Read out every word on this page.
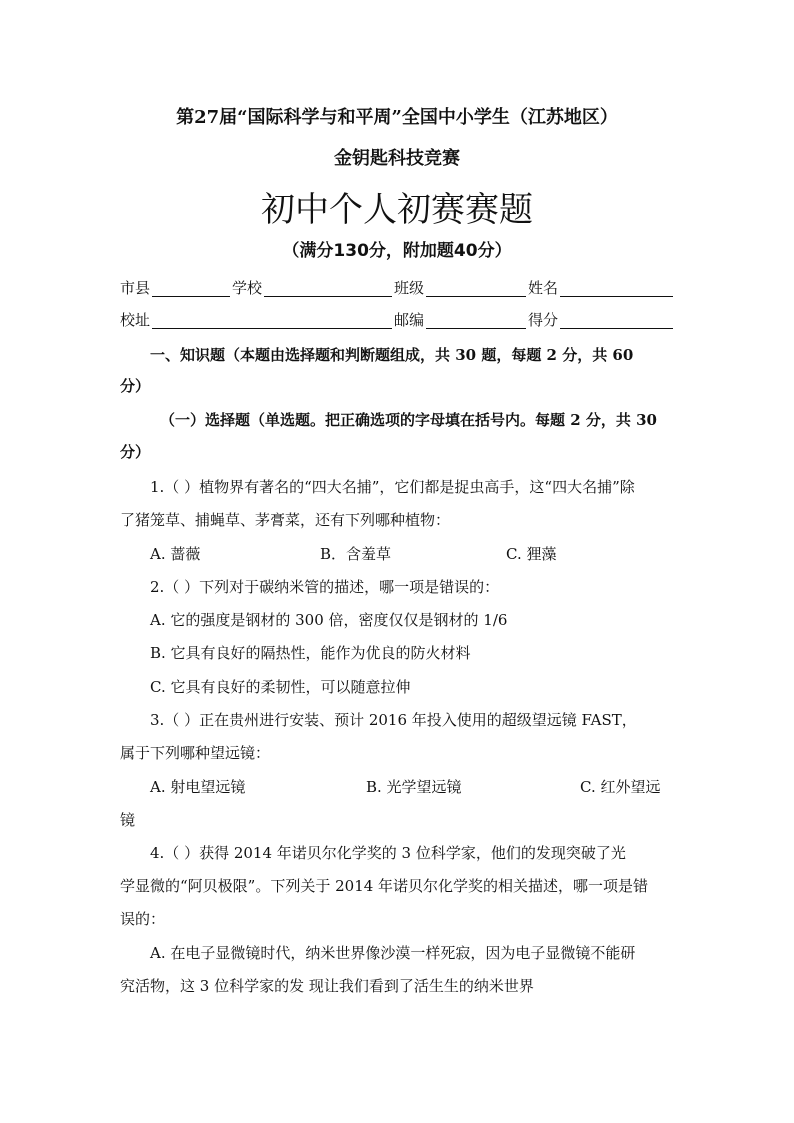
第27届“国际科学与和平周”全国中小学生（江苏地区）
金钥匙科技竞赛
初中个人初赛赛题
（满分130分，附加题40分）
市县	学校	班级	姓名
校址	邮编	得分
一、知识题（本题由选择题和判断题组成，共 30 题，每题 2 分，共 60
分）
（一）选择题（单选题。把正确选项的字母填在括号内。每题 2 分，共 30
分）
1.（ ）植物界有著名的“四大名捕”，它们都是捉虫高手，这“四大名捕”除
了猪笼草、捕蝇草、茅膏菜，还有下列哪种植物：
A. 蔷薇	B．含羞草	C. 狸藻
2.（ ）下列对于碳纳米管的描述，哪一项是错误的：
A. 它的强度是钢材的 300 倍，密度仅仅是钢材的 1/6
B. 它具有良好的隔热性，能作为优良的防火材料
C. 它具有良好的柔韧性，可以随意拉伸
3.（ ）正在贵州进行安装、预计 2016 年投入使用的超级望远镜 FAST，
属于下列哪种望远镜：
A. 射电望远镜	B. 光学望远镜	C. 红外望远
镜
4.（ ）获得 2014 年诺贝尔化学奖的 3 位科学家，他们的发现突破了光
学显微的“阿贝极限”。下列关于 2014 年诺贝尔化学奖的相关描述，哪一项是错
误的：
A. 在电子显微镜时代，纳米世界像沙漠一样死寂，因为电子显微镜不能研
究活物，这 3 位科学家的发 现让我们看到了活生生的纳米世界
